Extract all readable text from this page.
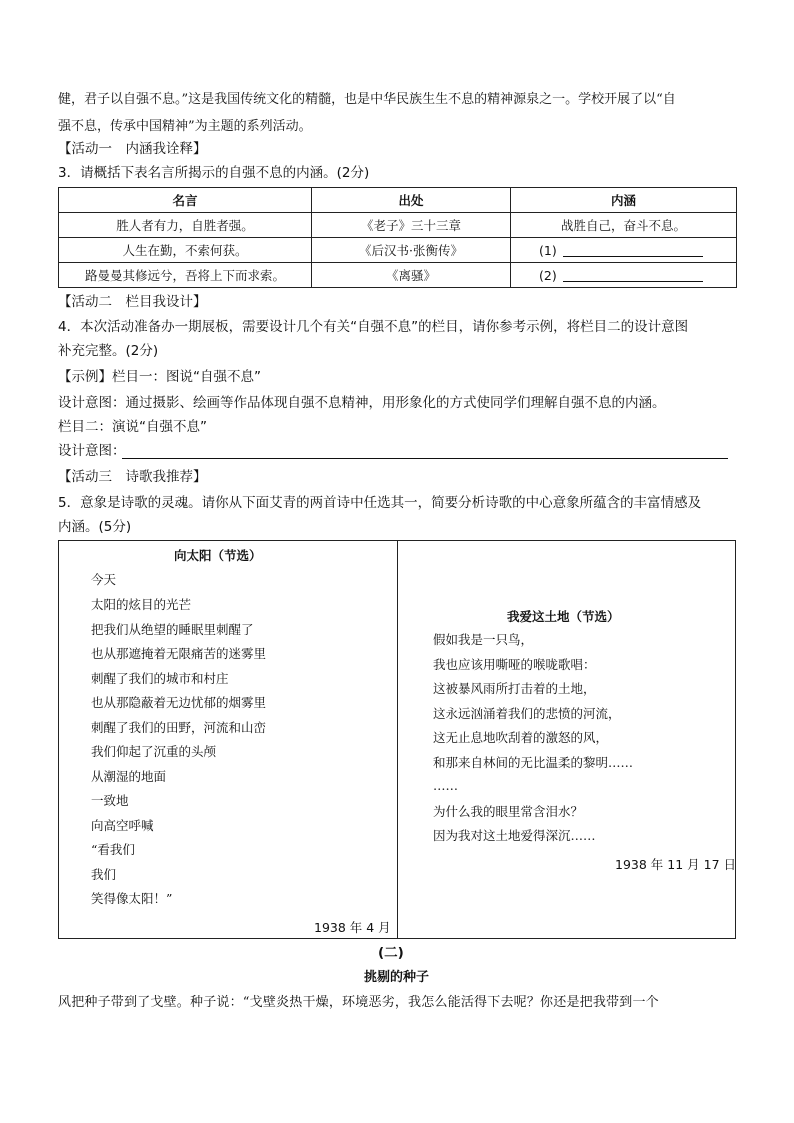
健，君子以自强不息。”这是我国传统文化的精髓，也是中华民族生生不息的精神源泉之一。学校开展了以“自
强不息，传承中国精神”为主题的系列活动。
【活动一　内涵我诠释】
3．请概括下表名言所揭示的自强不息的内涵。(2分)
名言	出处	内涵
胜人者有力，自胜者强。	《老子》三十三章	战胜自己，奋斗不息。
人生在勤，不索何获。	《后汉书·张衡传》	(1)
路曼曼其修远兮，吾将上下而求索。	《离骚》	(2)
【活动二　栏目我设计】
4．本次活动准备办一期展板，需要设计几个有关“自强不息”的栏目，请你参考示例，将栏目二的设计意图
补充完整。(2分)
【示例】栏目一：图说“自强不息”
设计意图：通过摄影、绘画等作品体现自强不息精神，用形象化的方式使同学们理解自强不息的内涵。
栏目二：演说“自强不息”
设计意图：
【活动三　诗歌我推荐】
5．意象是诗歌的灵魂。请你从下面艾青的两首诗中任选其一，简要分析诗歌的中心意象所蕴含的丰富情感及
内涵。(5分)
向太阳（节选）
今天
太阳的炫目的光芒
把我们从绝望的睡眠里刺醒了
也从那遮掩着无限痛苦的迷雾里
刺醒了我们的城市和村庄
也从那隐蔽着无边忧郁的烟雾里
刺醒了我们的田野，河流和山峦
我们仰起了沉重的头颅
从潮湿的地面
一致地
向高空呼喊
“看我们
我们
笑得像太阳！”
1938 年 4 月
我爱这土地（节选）
假如我是一只鸟，
我也应该用嘶哑的喉咙歌唱：
这被暴风雨所打击着的土地，
这永远汹涌着我们的悲愤的河流，
这无止息地吹刮着的激怒的风，
和那来自林间的无比温柔的黎明……
……
为什么我的眼里常含泪水？
因为我对这土地爱得深沉……
1938 年 11 月 17 日
(二)
挑剔的种子
风把种子带到了戈壁。种子说：“戈壁炎热干燥，环境恶劣，我怎么能活得下去呢？你还是把我带到一个
